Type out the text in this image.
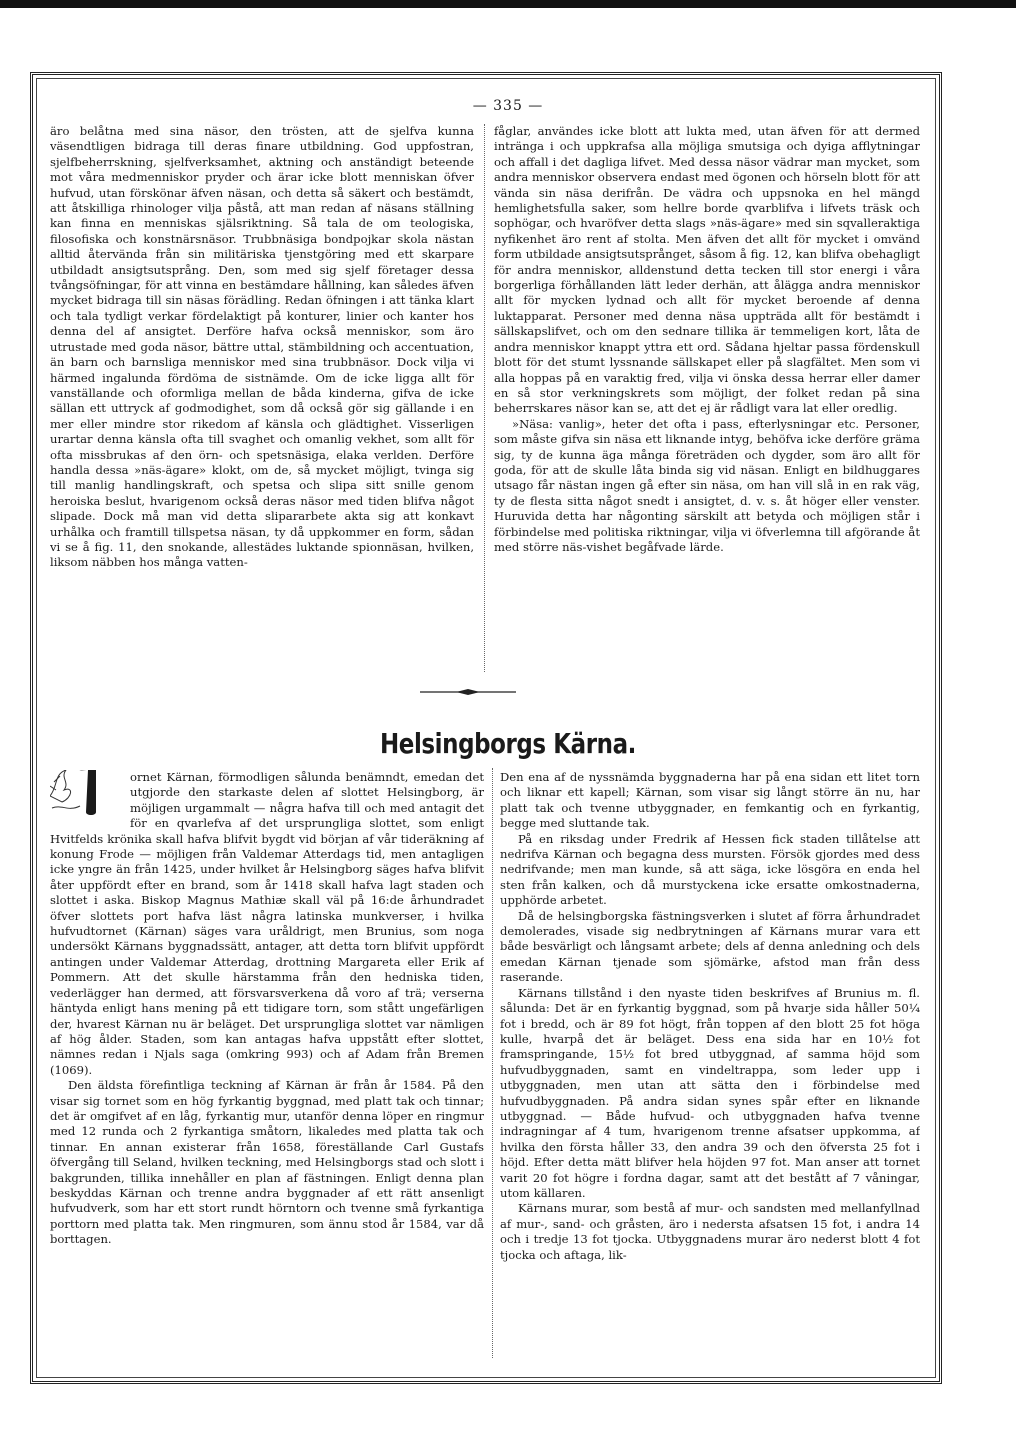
— 335 —

äro belåtna med sina näsor, den trösten, att de sjelfva kunna väsendtligen bidraga till deras finare utbildning. God uppfostran, sjelfbeherrskning, sjelfverksamhet, aktning och anständigt beteende mot våra medmenniskor pryder och ärar icke blott menniskan öfver hufvud, utan förskönar äfven näsan, och detta så säkert och bestämdt, att åtskilliga rhinologer vilja påstå, att man redan af näsans ställning kan finna en menniskas själsriktning. Så tala de om teologiska, filosofiska och konstnärsnäsor. Trubbnäsiga bondpojkar skola nästan alltid återvända från sin militäriska tjenstgöring med ett skarpare utbildadt ansigtsutsprång. Den, som med sig sjelf företager dessa tvångsöfningar, för att vinna en bestämdare hållning, kan således äfven mycket bidraga till sin näsas förädling. Redan öfningen i att tänka klart och tala tydligt verkar fördelaktigt på konturer, linier och kanter hos denna del af ansigtet. Derföre hafva också menniskor, som äro utrustade med goda näsor, bättre uttal, stämbildning och accentuation, än barn och barnsliga menniskor med sina trubbnäsor. Dock vilja vi härmed ingalunda fördöma de sistnämde. Om de icke ligga allt för vanställande och oformliga mellan de båda kinderna, gifva de icke sällan ett uttryck af godmodighet, som då också gör sig gällande i en mer eller mindre stor rikedom af känsla och glädtighet. Visserligen urartar denna känsla ofta till svaghet och omanlig vekhet, som allt för ofta missbrukas af den örn- och spetsnäsiga, elaka verlden. Derföre handla dessa »näs-ägare» klokt, om de, så mycket möjligt, tvinga sig till manlig handlingskraft, och spetsa och slipa sitt snille genom heroiska beslut, hvarigenom också deras näsor med tiden blifva något slipade. Dock må man vid detta slipararbete akta sig att konkavt urhålka och framtill tillspetsa näsan, ty då uppkommer en form, sådan vi se å fig. 11, den snokande, allestädes luktande spionnäsan, hvilken, liksom näbben hos många vatten-

fåglar, användes icke blott att lukta med, utan äfven för att dermed intränga i och uppkrafsa alla möjliga smutsiga och dyiga afflytningar och affall i det dagliga lifvet. Med dessa näsor vädrar man mycket, som andra menniskor observera endast med ögonen och hörseln blott för att vända sin näsa derifrån. De vädra och uppsnoka en hel mängd hemlighetsfulla saker, som hellre borde qvarblifva i lifvets träsk och sophögar, och hvaröfver detta slags »näs-ägare» med sin sqvalleraktiga nyfikenhet äro rent af stolta. Men äfven det allt för mycket i omvänd form utbildade ansigtsutsprånget, såsom å fig. 12, kan blifva obehagligt för andra menniskor, alldenstund detta tecken till stor energi i våra borgerliga förhållanden lätt leder derhän, att ålägga andra menniskor allt för mycken lydnad och allt för mycket beroende af denna luktapparat. Personer med denna näsa uppträda allt för bestämdt i sällskapslifvet, och om den sednare tillika är temmeligen kort, låta de andra menniskor knappt yttra ett ord. Sådana hjeltar passa fördenskull blott för det stumt lyssnande sällskapet eller på slagfältet. Men som vi alla hoppas på en varaktig fred, vilja vi önska dessa herrar eller damer en så stor verkningskrets som möjligt, der folket redan på sina beherrskares näsor kan se, att det ej är rådligt vara lat eller oredlig.

»Näsa: vanlig», heter det ofta i pass, efterlysningar etc. Personer, som måste gifva sin näsa ett liknande intyg, behöfva icke derföre gräma sig, ty de kunna äga många företräden och dygder, som äro allt för goda, för att de skulle låta binda sig vid näsan. Enligt en bildhuggares utsago får nästan ingen gå efter sin näsa, om han vill slå in en rak väg, ty de flesta sitta något snedt i ansigtet, d. v. s. åt höger eller venster. Huruvida detta har någonting särskilt att betyda och möjligen står i förbindelse med politiska riktningar, vilja vi öfverlemna till afgörande åt med större näs-vishet begåfvade lärde.

Helsingborgs Kärna.

ornet Kärnan, förmodligen sålunda benämndt, emedan det utgjorde den starkaste delen af slottet Helsingborg, är möjligen urgammalt — några hafva till och med antagit det för en qvarlefva af det ursprungliga slottet, som enligt Hvitfelds krönika skall hafva blifvit bygdt vid början af vår tideräkning af konung Frode — möjligen från Valdemar Atterdags tid, men antagligen icke yngre än från 1425, under hvilket år Helsingborg säges hafva blifvit åter uppfördt efter en brand, som år 1418 skall hafva lagt staden och slottet i aska. Biskop Magnus Mathiæ skall väl på 16:de århundradet öfver slottets port hafva läst några latinska munkverser, i hvilka hufvudtornet (Kärnan) säges vara uråldrigt, men Brunius, som noga undersökt Kärnans byggnadssätt, antager, att detta torn blifvit uppfördt antingen under Valdemar Atterdag, drottning Margareta eller Erik af Pommern. Att det skulle härstamma från den hedniska tiden, vederlägger han dermed, att försvarsverkena då voro af trä; verserna häntyda enligt hans mening på ett tidigare torn, som stått ungefärligen der, hvarest Kärnan nu är beläget. Det ursprungliga slottet var nämligen af hög ålder. Staden, som kan antagas hafva uppstått efter slottet, nämnes redan i Njals saga (omkring 993) och af Adam från Bremen (1069).

Den äldsta förefintliga teckning af Kärnan är från år 1584. På den visar sig tornet som en hög fyrkantig byggnad, med platt tak och tinnar; det är omgifvet af en låg, fyrkantig mur, utanför denna löper en ringmur med 12 runda och 2 fyrkantiga småtorn, likaledes med platta tak och tinnar. En annan existerar från 1658, föreställande Carl Gustafs öfvergång till Seland, hvilken teckning, med Helsingborgs stad och slott i bakgrunden, tillika innehåller en plan af fästningen. Enligt denna plan beskyddas Kärnan och trenne andra byggnader af ett rätt ansenligt hufvudverk, som har ett stort rundt hörntorn och tvenne små fyrkantiga porttorn med platta tak. Men ringmuren, som ännu stod år 1584, var då borttagen.

Den ena af de nyssnämda byggnaderna har på ena sidan ett litet torn och liknar ett kapell; Kärnan, som visar sig långt större än nu, har platt tak och tvenne utbyggnader, en femkantig och en fyrkantig, begge med sluttande tak.

På en riksdag under Fredrik af Hessen fick staden tillåtelse att nedrifva Kärnan och begagna dess mursten. Försök gjordes med dess nedrifvande; men man kunde, så att säga, icke lösgöra en enda hel sten från kalken, och då murstyckena icke ersatte omkostnaderna, upphörde arbetet.

Då de helsingborgska fästningsverken i slutet af förra århundradet demolerades, visade sig nedbrytningen af Kärnans murar vara ett både besvärligt och långsamt arbete; dels af denna anledning och dels emedan Kärnan tjenade som sjömärke, afstod man från dess raserande.

Kärnans tillstånd i den nyaste tiden beskrifves af Brunius m. fl. sålunda: Det är en fyrkantig byggnad, som på hvarje sida håller 50¼ fot i bredd, och är 89 fot högt, från toppen af den blott 25 fot höga kulle, hvarpå det är beläget. Dess ena sida har en 10½ fot framspringande, 15½ fot bred utbyggnad, af samma höjd som hufvudbyggnaden, samt en vindeltrappa, som leder upp i utbyggnaden, men utan att sätta den i förbindelse med hufvudbyggnaden. På andra sidan synes spår efter en liknande utbyggnad. — Både hufvud- och utbyggnaden hafva tvenne indragningar af 4 tum, hvarigenom trenne afsatser uppkomma, af hvilka den första håller 33, den andra 39 och den öfversta 25 fot i höjd. Efter detta mätt blifver hela höjden 97 fot. Man anser att tornet varit 20 fot högre i fordna dagar, samt att det bestått af 7 våningar, utom källaren.

Kärnans murar, som bestå af mur- och sandsten med mellanfyllnad af mur-, sand- och gråsten, äro i nedersta afsatsen 15 fot, i andra 14 och i tredje 13 fot tjocka. Utbyggnadens murar äro nederst blott 4 fot tjocka och aftaga, lik-
